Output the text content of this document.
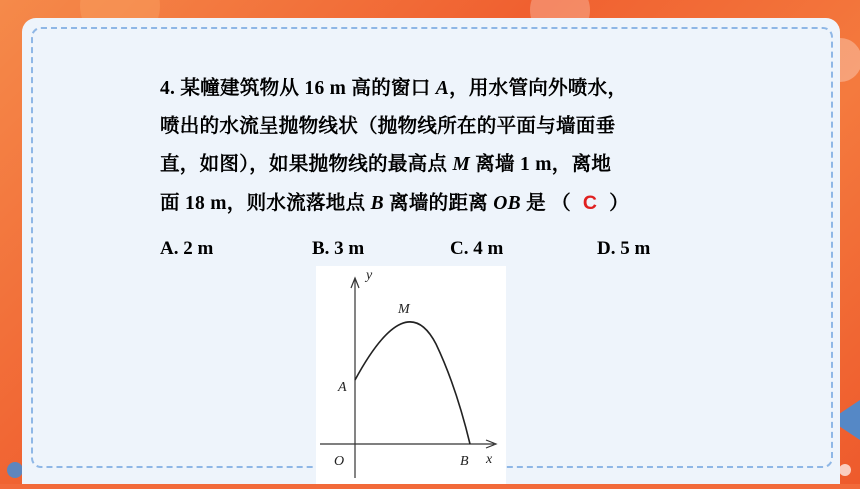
4. 某幢建筑物从 16 m 高的窗口 A，用水管向外喷水，
喷出的水流呈抛物线状（抛物线所在的平面与墙面垂
直，如图），如果抛物线的最高点 M 离墙 1 m，离地
面 18 m，则水流落地点 B 离墙的距离 OB 是 （ C ）
A. 2 m	B. 3 m	C. 4 m	D. 5 m
y
x
O
A
M
B
